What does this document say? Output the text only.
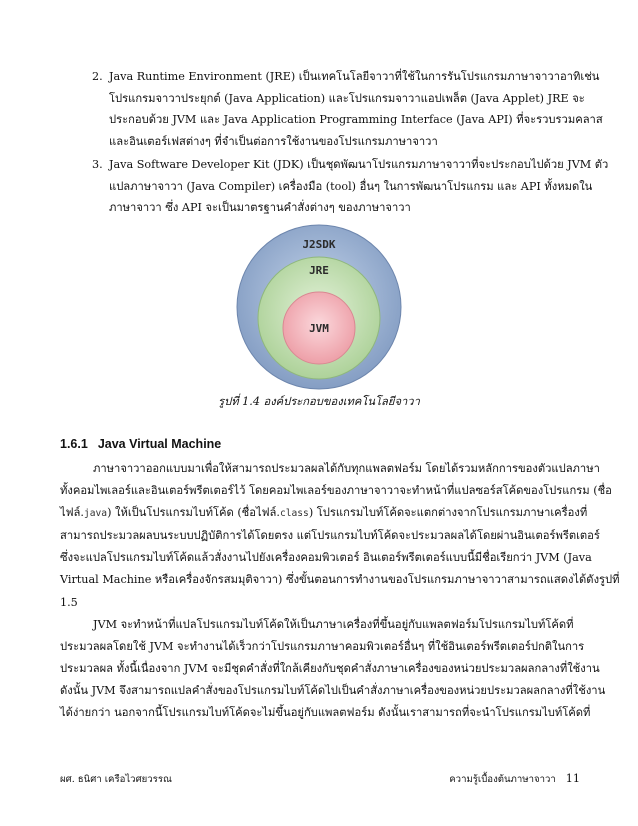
2. Java Runtime Environment (JRE) เป็นเทคโนโลยีจาวาที่ใช้ในการรันโปรแกรมภาษาจาวาอาทิเช่น
โปรแกรมจาวาประยุกต์ (Java Application) และโปรแกรมจาวาแอปเพล็ต (Java Applet) JRE จะ
ประกอบด้วย JVM และ Java Application Programming Interface (Java API) ที่จะรวบรวมคลาส
และอินเตอร์เฟสต่างๆ ที่จำเป็นต่อการใช้งานของโปรแกรมภาษาจาวา
3. Java Software Developer Kit (JDK) เป็นชุดพัฒนาโปรแกรมภาษาจาวาที่จะประกอบไปด้วย JVM ตัว
แปลภาษาจาวา (Java Compiler) เครื่องมือ (tool) อื่นๆ ในการพัฒนาโปรแกรม และ API ทั้งหมดใน
ภาษาจาวา ซึ่ง API จะเป็นมาตรฐานคำสั่งต่างๆ ของภาษาจาวา
J2SDK
JRE
JVM
รูปที่ 1.4 องค์ประกอบของเทคโนโลยีจาวา
1.6.1 Java Virtual Machine
ภาษาจาวาออกแบบมาเพื่อให้สามารถประมวลผลได้กับทุกแพลตฟอร์ม โดยได้รวมหลักการของตัวแปลภาษา
ทั้งคอมไพเลอร์และอินเตอร์พรีตเตอร์ไว้ โดยคอมไพเลอร์ของภาษาจาวาจะทำหน้าที่แปลซอร์สโค้ดของโปรแกรม (ชื่อ
ไฟล์.java) ให้เป็นโปรแกรมไบท์โค้ด (ชื่อไฟล์.class) โปรแกรมไบท์โค้ดจะแตกต่างจากโปรแกรมภาษาเครื่องที่
สามารถประมวลผลบนระบบปฏิบัติการได้โดยตรง แต่โปรแกรมไบท์โค้ดจะประมวลผลได้โดยผ่านอินเตอร์พรีตเตอร์
ซึ่งจะแปลโปรแกรมไบท์โค้ดแล้วสั่งงานไปยังเครื่องคอมพิวเตอร์ อินเตอร์พรีตเตอร์แบบนี้มีชื่อเรียกว่า JVM (Java
Virtual Machine หรือเครื่องจักรสมมุติจาวา) ซึ่งขั้นตอนการทำงานของโปรแกรมภาษาจาวาสามารถแสดงได้ดังรูปที่
1.5
JVM จะทำหน้าที่แปลโปรแกรมไบท์โค้ดให้เป็นภาษาเครื่องที่ขึ้นอยู่กับแพลตฟอร์มโปรแกรมไบท์โค้ดที่
ประมวลผลโดยใช้ JVM จะทำงานได้เร็วกว่าโปรแกรมภาษาคอมพิวเตอร์อื่นๆ ที่ใช้อินเตอร์พรีตเตอร์ปกติในการ
ประมวลผล ทั้งนี้เนื่องจาก JVM จะมีชุดคำสั่งที่ใกล้เคียงกับชุดคำสั่งภาษาเครื่องของหน่วยประมวลผลกลางที่ใช้งาน
ดังนั้น JVM จึงสามารถแปลคำสั่งของโปรแกรมไบท์โค้ดไปเป็นคำสั่งภาษาเครื่องของหน่วยประมวลผลกลางที่ใช้งาน
ได้ง่ายกว่า นอกจากนี้โปรแกรมไบท์โค้ดจะไม่ขึ้นอยู่กับแพลตฟอร์ม ดังนั้นเราสามารถที่จะนำโปรแกรมไบท์โค้ดที่
ผศ. ธนิศา เครือไวศยวรรณ	ความรู้เบื้องต้นภาษาจาวา 11
